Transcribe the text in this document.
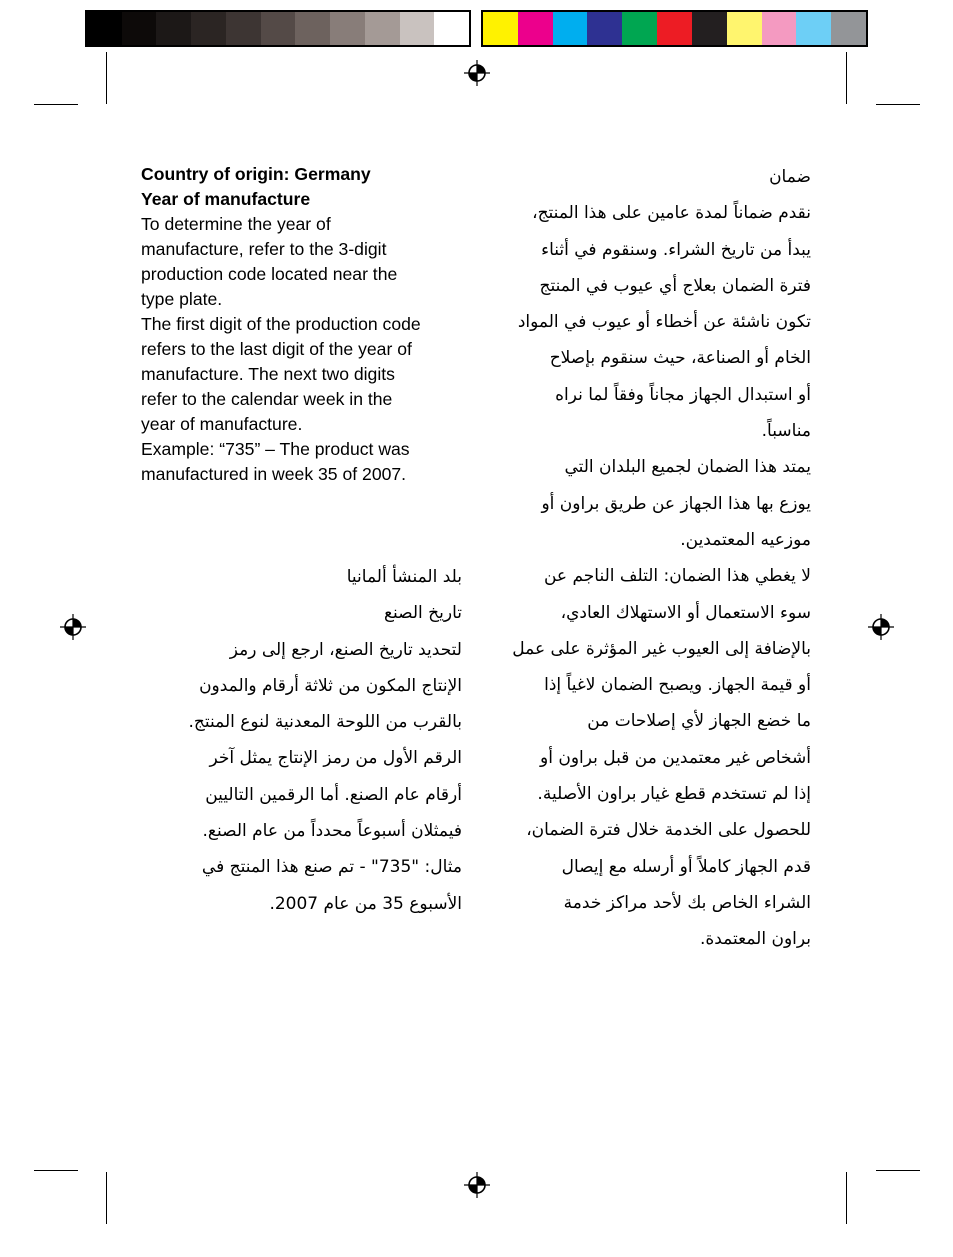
Country of origin: Germany

Year of manufacture

To determine the year of

manufacture, refer to the 3-digit

production code located near the

type plate.

The first digit of the production code

refers to the last digit of the year of

manufacture. The next two digits

refer to the calendar week in the

year of manufacture.

Example: “735” – The product was

manufactured in week 35 of 2007.

ضمان

نقدم ضماناً لمدة عامين على هذا المنتج،

يبدأ من تاريخ الشراء. وسنقوم في أثناء

فترة الضمان بعلاج أي عيوب في المنتج

تكون ناشئة عن أخطاء أو عيوب في المواد

الخام أو الصناعة، حيث سنقوم بإصلاح

أو استبدال الجهاز مجاناً وفقاً لما نراه

مناسباً.

يمتد هذا الضمان لجميع البلدان التي

يوزع بها هذا الجهاز عن طريق براون أو

موزعيه المعتمدين.

لا يغطي هذا الضمان: التلف الناجم عن

سوء الاستعمال أو الاستهلاك العادي،

بالإضافة إلى العيوب غير المؤثرة على عمل

أو قيمة الجهاز. ويصبح الضمان لاغياً إذا

ما خضع الجهاز لأي إصلاحات من

أشخاص غير معتمدين من قبل براون أو

إذا لم تستخدم قطع غيار براون الأصلية.

للحصول على الخدمة خلال فترة الضمان،

قدم الجهاز كاملاً أو أرسله مع إيصال

الشراء الخاص بك لأحد مراكز خدمة

براون المعتمدة.

بلد المنشأ ألمانيا

تاريخ الصنع

لتحديد تاريخ الصنع، ارجع إلى رمز

الإنتاج المكون من ثلاثة أرقام والمدون

بالقرب من اللوحة المعدنية لنوع المنتج.

الرقم الأول من رمز الإنتاج يمثل آخر

أرقام عام الصنع. أما الرقمين التاليين

فيمثلان أسبوعاً محدداً من عام الصنع.

مثال: "735" - تم صنع هذا المنتج في

الأسبوع 35 من عام 2007.
